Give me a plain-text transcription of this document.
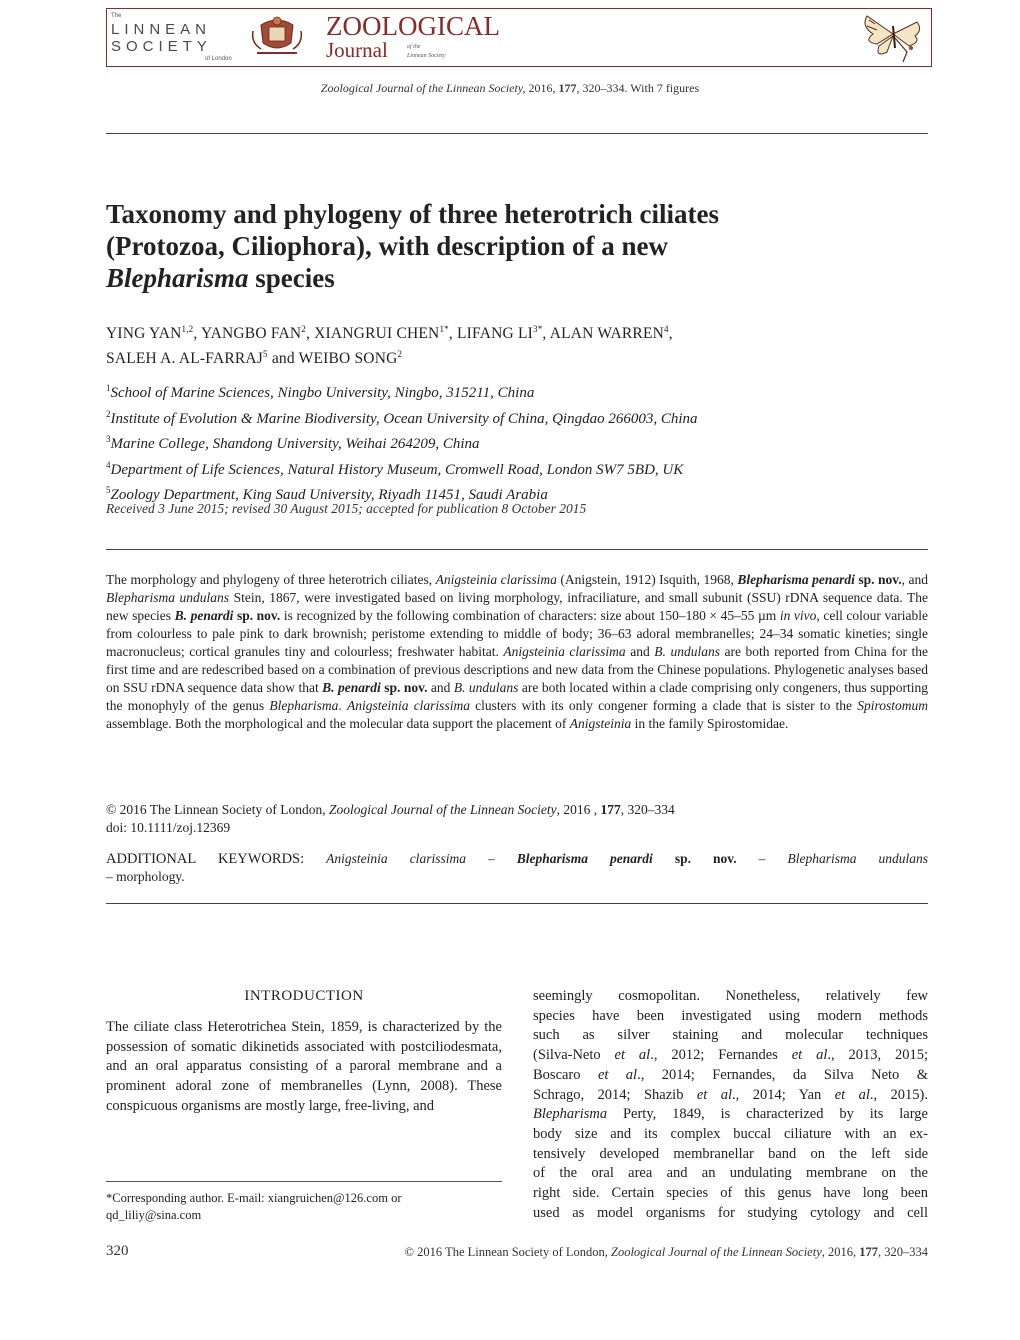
The
LINNEAN
SOCIETY
of London
ZOOLOGICAL
Journal	of the
Linnean Society
Zoological Journal of the Linnean Society, 2016, 177, 320–334. With 7 figures
Taxonomy and phylogeny of three heterotrich ciliates
(Protozoa, Ciliophora), with description of a new
Blepharisma species
YING YAN$^{1,2}$, YANGBO FAN$^2$, XIANGRUI $CHEN^{1*}$, LIFANG $LI^{3*}$, ALAN WARREN$^4$,
SALEH A. AL-FARRAJ$^5$ and WEIBO SONG$^2$
$^1$School of Marine Sciences, Ningbo University, Ningbo, 315211, China
$^2$Institute of Evolution & Marine Biodiversity, Ocean University of China, Qingdao 266003, China
$^3$Marine College, Shandong University, Weihai 264209, China
$^4$Department of Life Sciences, Natural History Museum, Cromwell Road, London SW7 5BD, UK
$^5$Zoology Department, King Saud University, Riyadh 11451, Saudi Arabia
Received 3 June 2015; revised 30 August 2015; accepted for publication 8 October 2015
The morphology and phylogeny of three heterotrich ciliates, Anigsteinia clarissima (Anigstein, 1912) Isquith, 1968, Blepharisma penardi sp. nov., and Blepharisma undulans Stein, 1867, were investigated based on living morphology, infraciliature, and small subunit (SSU) rDNA sequence data. The new species B. penardi sp. nov. is recognized by the following combination of characters: size about 150–180 × 45–55 µm in vivo, cell colour variable from colourless to pale pink to dark brownish; peristome extending to middle of body; 36–63 adoral membranelles; 24–34 somatic kineties; single macronucleus; cortical granules tiny and colourless; freshwater habitat. Anigsteinia clarissima and B. undulans are both reported from China for the first time and are redescribed based on a combination of previous descriptions and new data from the Chinese populations. Phylogenetic analyses based on SSU rDNA sequence data show that B. penardi sp. nov. and B. undulans are both located within a clade comprising only congeners, thus supporting the monophyly of the genus Blepharisma. Anigsteinia clarissima clusters with its only congener forming a clade that is sister to the Spirostomum assemblage. Both the morphological and the molecular data support the placement of Anigsteinia in the family Spirostomidae.
© 2016 The Linnean Society of London, Zoological Journal of the Linnean Society, 2016 , 177, 320–334
doi: 10.1111/zoj.12369
ADDITIONAL KEYWORDS: Anigsteinia clarissima – Blepharisma penardi sp. nov. – Blepharisma undulans
– morphology.
INTRODUCTION
The ciliate class Heterotrichea Stein, 1859, is characterized by the possession of somatic dikinetids associated with postciliodesmata, and an oral apparatus consisting of a paroral membrane and a prominent adoral zone of membranelles (Lynn, 2008). These conspicuous organisms are mostly large, free-living, and
seemingly cosmopolitan. Nonetheless, relatively few
species have been investigated using modern methods
such as silver staining and molecular techniques
(Silva-Neto et al., 2012; Fernandes et al., 2013, 2015;
Boscaro et al., 2014; Fernandes, da Silva Neto &
Schrago, 2014; Shazib et al., 2014; Yan et al., 2015).
Blepharisma Perty, 1849, is characterized by its large
body size and its complex buccal ciliature with an ex-
tensively developed membranellar band on the left side
of the oral area and an undulating membrane on the
right side. Certain species of this genus have long been
used as model organisms for studying cytology and cell
*Corresponding author. E-mail: xiangruichen@126.com or
qd_liliy@sina.com
320	© 2016 The Linnean Society of London, Zoological Journal of the Linnean Society, 2016, 177, 320–334
